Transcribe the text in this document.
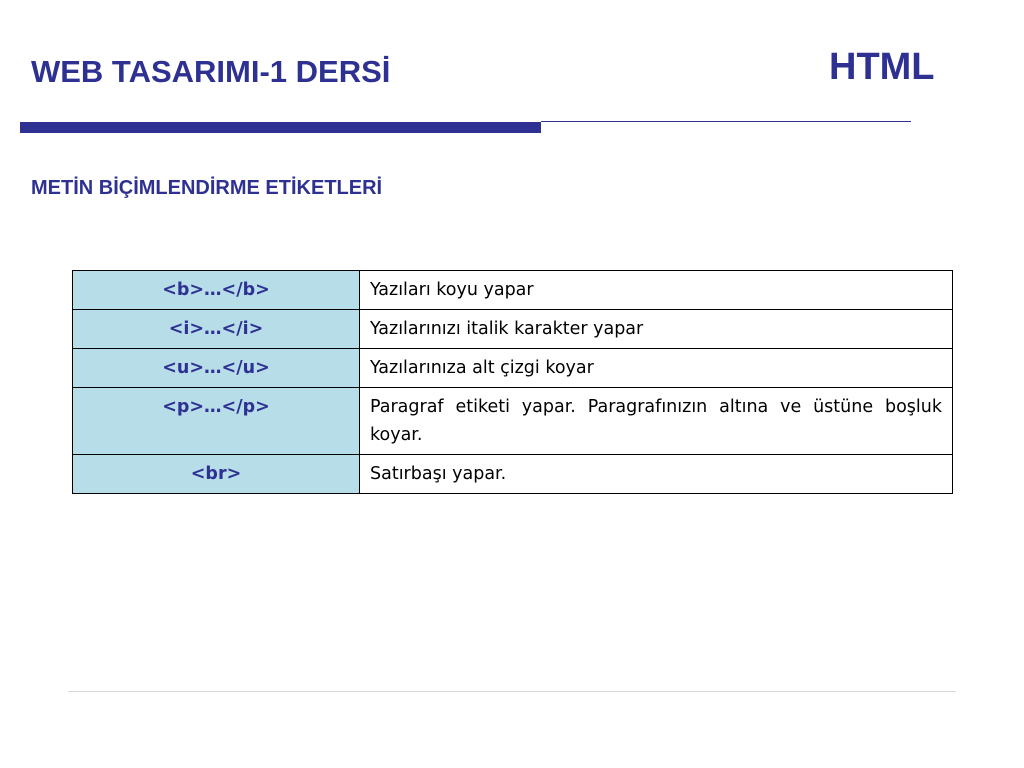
WEB TASARIMI-1 DERSİ	HTML
METİN BİÇİMLENDİRME ETİKETLERİ
<b>…</b>	Yazıları koyu yapar
<i>…</i>	Yazılarınızı italik karakter yapar
<u>…</u>	Yazılarınıza alt çizgi koyar
<p>…</p>	Paragraf etiketi yapar. Paragrafınızın altına ve üstüne boşluk koyar.
<br>	Satırbaşı yapar.
